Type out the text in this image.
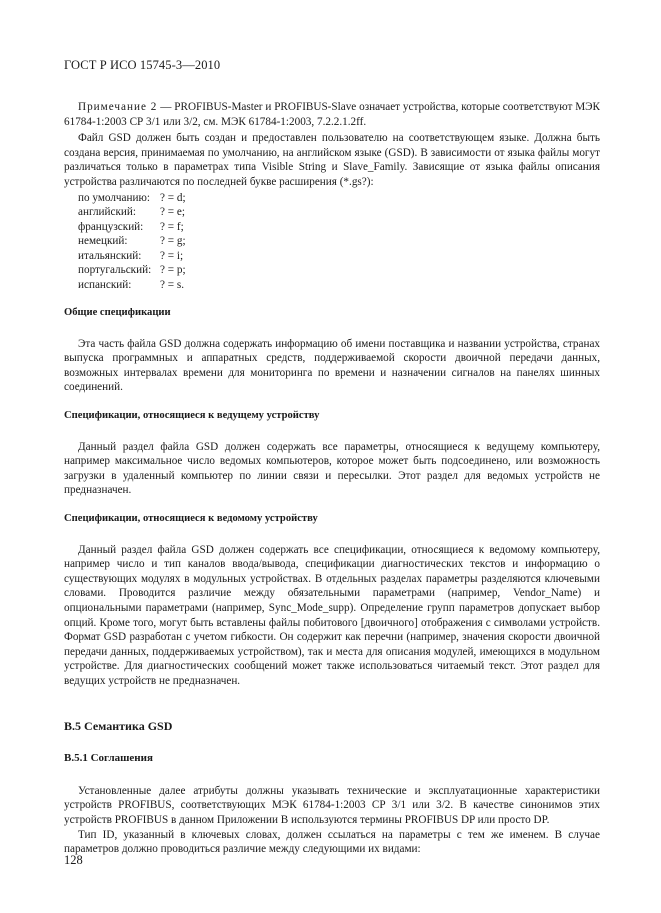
ГОСТ Р ИСО 15745-3—2010

Примечание 2 — PROFIBUS-Master и PROFIBUS-Slave означает устройства, которые соответствуют МЭК 61784-1:2003 СР 3/1 или 3/2, см. МЭК 61784-1:2003, 7.2.2.1.2ff.

Файл GSD должен быть создан и предоставлен пользователю на соответствующем языке. Должна быть создана версия, принимаемая по умолчанию, на английском языке (GSD). В зависимости от языка файлы могут различаться только в параметрах типа Visible String и Slave_Family. Зависящие от языка файлы описания устройства различаются по последней букве расширения (*.gs?):

по умолчанию: ? = d;
английский:	? = e;
французский:	? = f;
немецкий:	? = g;
итальянский:	? = i;
португальский: ? = p;
испанский:	? = s.
Общие спецификации

Эта часть файла GSD должна содержать информацию об имени поставщика и названии устройства, странах выпуска программных и аппаратных средств, поддерживаемой скорости двоичной передачи данных, возможных интервалах времени для мониторинга по времени и назначении сигналов на панелях шинных соединений.

Спецификации, относящиеся к ведущему устройству

Данный раздел файла GSD должен содержать все параметры, относящиеся к ведущему компьютеру, например максимальное число ведомых компьютеров, которое может быть подсоединено, или возможность загрузки в удаленный компьютер по линии связи и пересылки. Этот раздел для ведомых устройств не предназначен.

Спецификации, относящиеся к ведомому устройству

Данный раздел файла GSD должен содержать все спецификации, относящиеся к ведомому компьютеру, например число и тип каналов ввода/вывода, спецификации диагностических текстов и информацию о существующих модулях в модульных устройствах. В отдельных разделах параметры разделяются ключевыми словами. Проводится различие между обязательными параметрами (например, Vendor_Name) и опциональными параметрами (например, Sync_Mode_supp). Определение групп параметров допускает выбор опций. Кроме того, могут быть вставлены файлы побитового [двоичного] отображения с символами устройств. Формат GSD разработан с учетом гибкости. Он содержит как перечни (например, значения скорости двоичной передачи данных, поддерживаемых устройством), так и места для описания модулей, имеющихся в модульном устройстве. Для диагностических сообщений может также использоваться читаемый текст. Этот раздел для ведущих устройств не предназначен.

В.5 Семантика GSD
В.5.1 Соглашения

Установленные далее атрибуты должны указывать технические и эксплуатационные характеристики устройств PROFIBUS, соответствующих МЭК 61784-1:2003 СР 3/1 или 3/2. В качестве синонимов этих устройств PROFIBUS в данном Приложении В используются термины PROFIBUS DP или просто DP.

Тип ID, указанный в ключевых словах, должен ссылаться на параметры с тем же именем. В случае параметров должно проводиться различие между следующими их видами:

128
